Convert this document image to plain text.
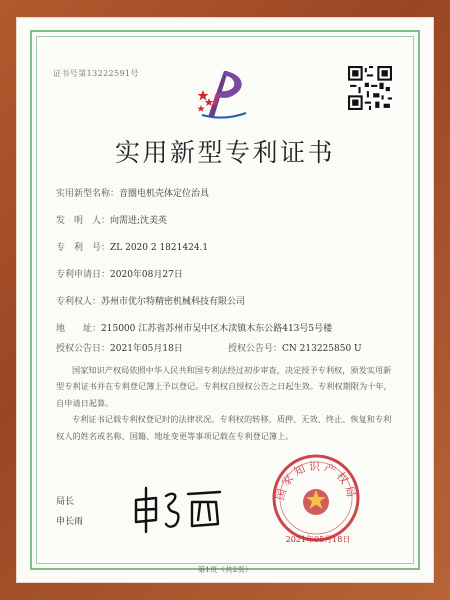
证书号第13222591号
实用新型专利证书
实用新型名称：音圈电机壳体定位治具
发　明　人：向需进;沈美英
专　利　号：ZL 2020 2 1821424.1
专利申请日：2020年08月27日
专利权人：苏州市优尔特精密机械科技有限公司
地　　址：215000 江苏省苏州市吴中区木渎镇木东公路413号5号楼
授权公告日：2021年05月18日	授权公告号：CN 213225850 U

国家知识产权局依照中华人民共和国专利法经过初步审查，决定授予专利权，颁发实用新型专利证书并在专利登记簿上予以登记。专利权自授权公告之日起生效。专利权期限为十年，自申请日起算。

专利证书记载专利权登记时的法律状况。专利权的转移、质押、无效、终止、恢复和专利权人的姓名或名称、国籍、地址变更等事项记载在专利登记簿上。

局长
申长雨
国家知识产权局
2021年05月18日
第1页（共2页）
